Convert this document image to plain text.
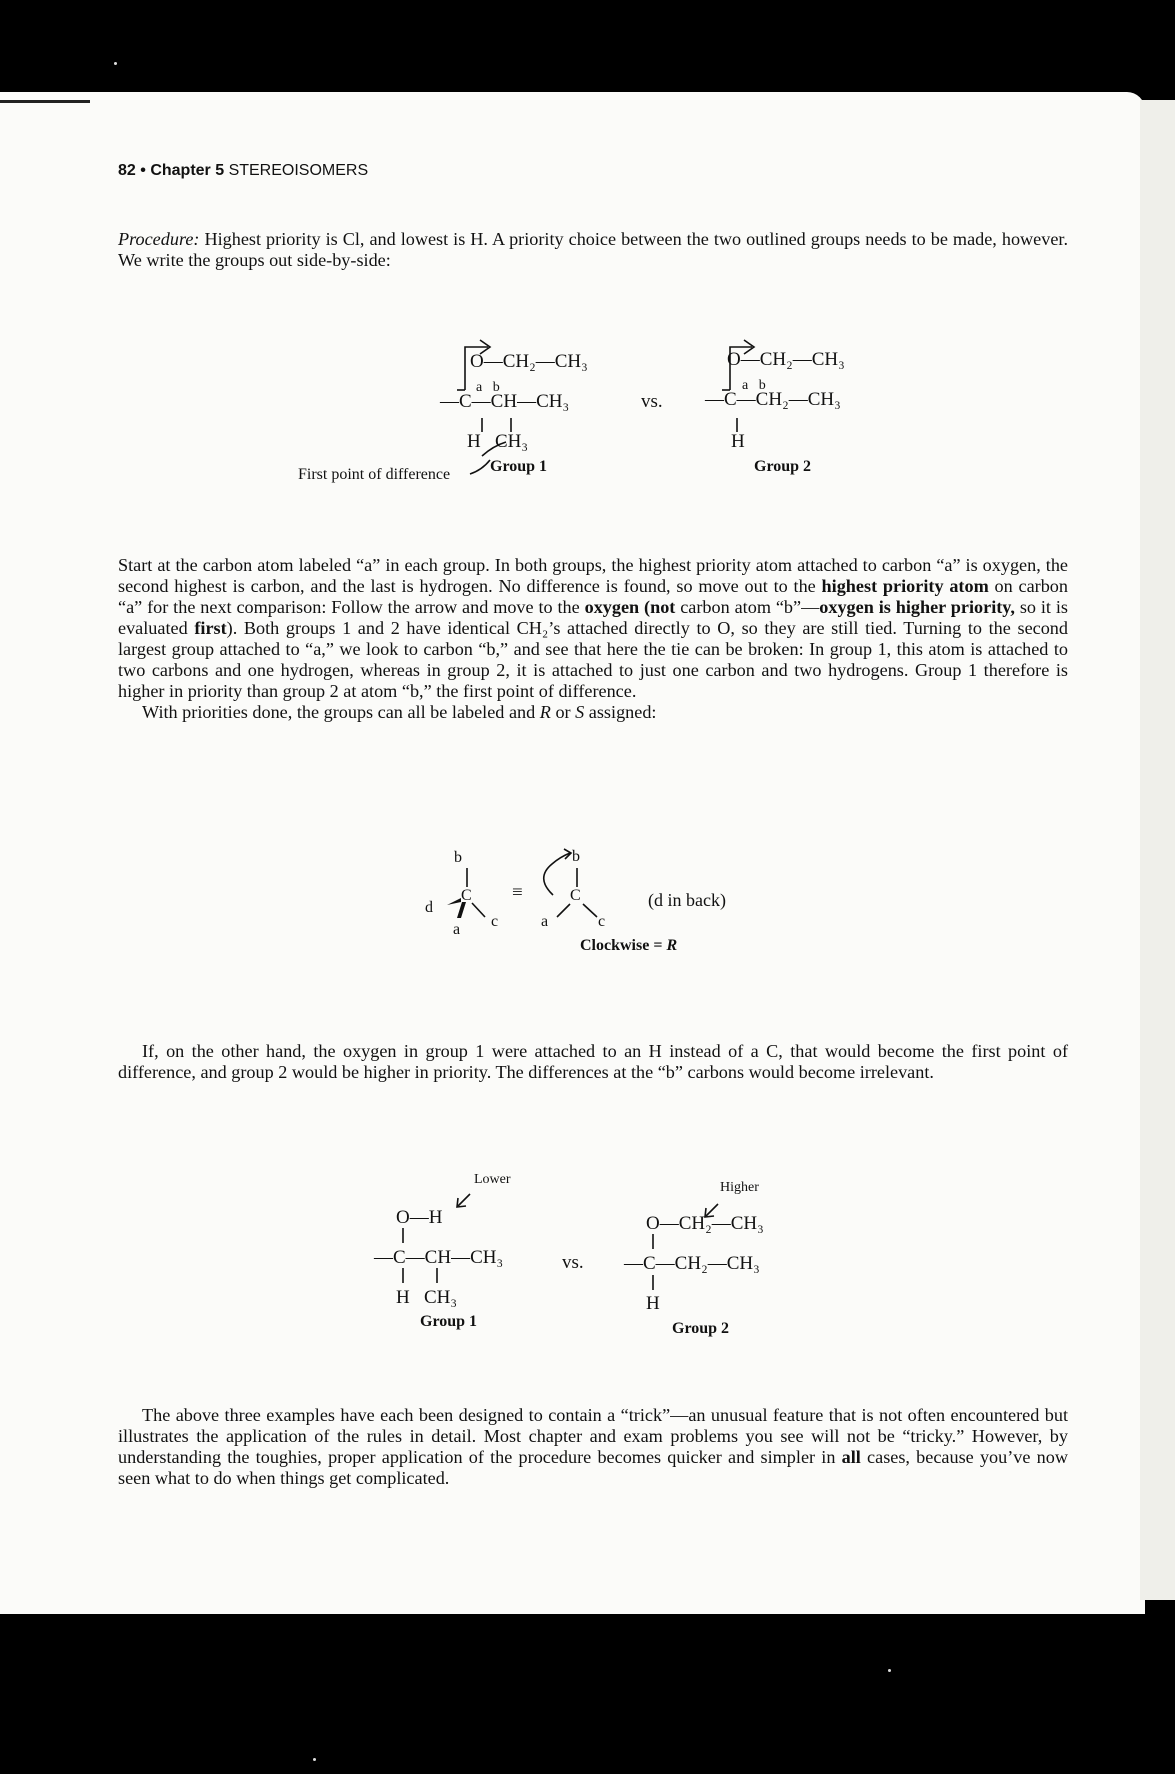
82 • Chapter 5 STEREOISOMERS

Procedure: Highest priority is Cl, and lowest is H. A priority choice between the two outlined groups needs to be made, however. We write the groups out side-by-side:

O—CH₂—CH₃
a   b
—C—CH—CH₃
H   CH₃
vs.
O—CH₂—CH₃
a   b
—C—CH₂—CH₃
H
First point of difference Group 1	Group 2

Start at the carbon atom labeled “a” in each group. In both groups, the highest priority atom attached to carbon “a” is oxygen, the second highest is carbon, and the last is hydrogen. No difference is found, so move out to the highest priority atom on carbon “a” for the next comparison: Follow the arrow and move to the oxygen (not carbon atom “b”—oxygen is higher priority, so it is evaluated first). Both groups 1 and 2 have identical CH₂’s attached directly to O, so they are still tied. Turning to the second largest group attached to “a,” we look to carbon “b,” and see that here the tie can be broken: In group 1, this atom is attached to two carbons and one hydrogen, whereas in group 2, it is attached to just one carbon and two hydrogens. Group 1 therefore is higher in priority than group 2 at atom “b,” the first point of difference.

With priorities done, the groups can all be labeled and R or S assigned:

b
C
d
a c
≡
b
C
a	c
(d in back)
Clockwise = R

If, on the other hand, the oxygen in group 1 were attached to an H instead of a C, that would become the first point of difference, and group 2 would be higher in priority. The differences at the “b” carbons would become irrelevant.

Lower
Higher
O—H
—C—CH—CH₃
H   CH₃
Group 1
vs.
O—CH₂—CH₃
—C—CH₂—CH₃
H
Group 2

The above three examples have each been designed to contain a “trick”—an unusual feature that is not often encountered but illustrates the application of the rules in detail. Most chapter and exam problems you see will not be “tricky.” However, by understanding the toughies, proper application of the procedure becomes quicker and simpler in all cases, because you’ve now seen what to do when things get complicated.
